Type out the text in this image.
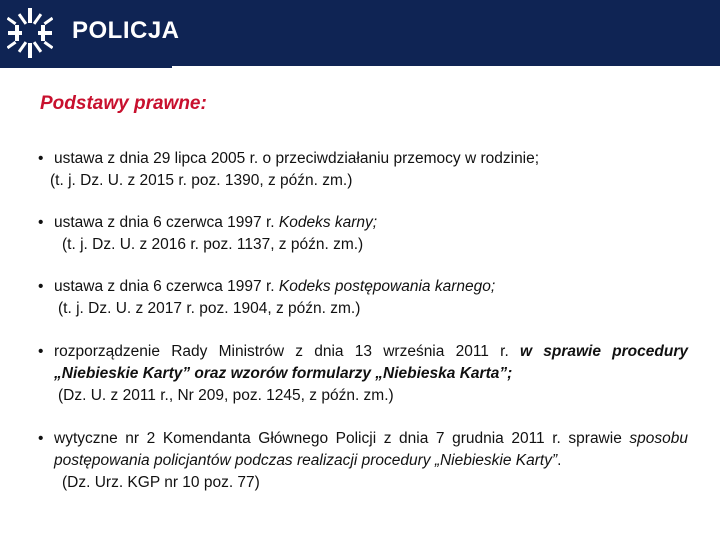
POLICJA
Podstawy prawne:
• ustawa z dnia 29 lipca 2005 r. o przeciwdziałaniu przemocy w rodzinie;
(t. j. Dz. U. z 2015 r. poz. 1390, z późn. zm.)
• ustawa z dnia 6 czerwca 1997 r. Kodeks karny;
(t. j. Dz. U. z 2016 r. poz. 1137, z późn. zm.)
• ustawa z dnia 6 czerwca 1997 r. Kodeks postępowania karnego;
(t. j. Dz. U. z 2017 r. poz. 1904, z późn. zm.)
• rozporządzenie Rady Ministrów z dnia 13 września 2011 r. w sprawie procedury „Niebieskie Karty” oraz wzorów formularzy „Niebieska Karta”;
(Dz. U. z 2011 r., Nr 209, poz. 1245, z późn. zm.)
• wytyczne nr 2 Komendanta Głównego Policji z dnia 7 grudnia 2011 r. sprawie sposobu postępowania policjantów podczas realizacji procedury „Niebieskie Karty”.
(Dz. Urz. KGP nr 10 poz. 77)
